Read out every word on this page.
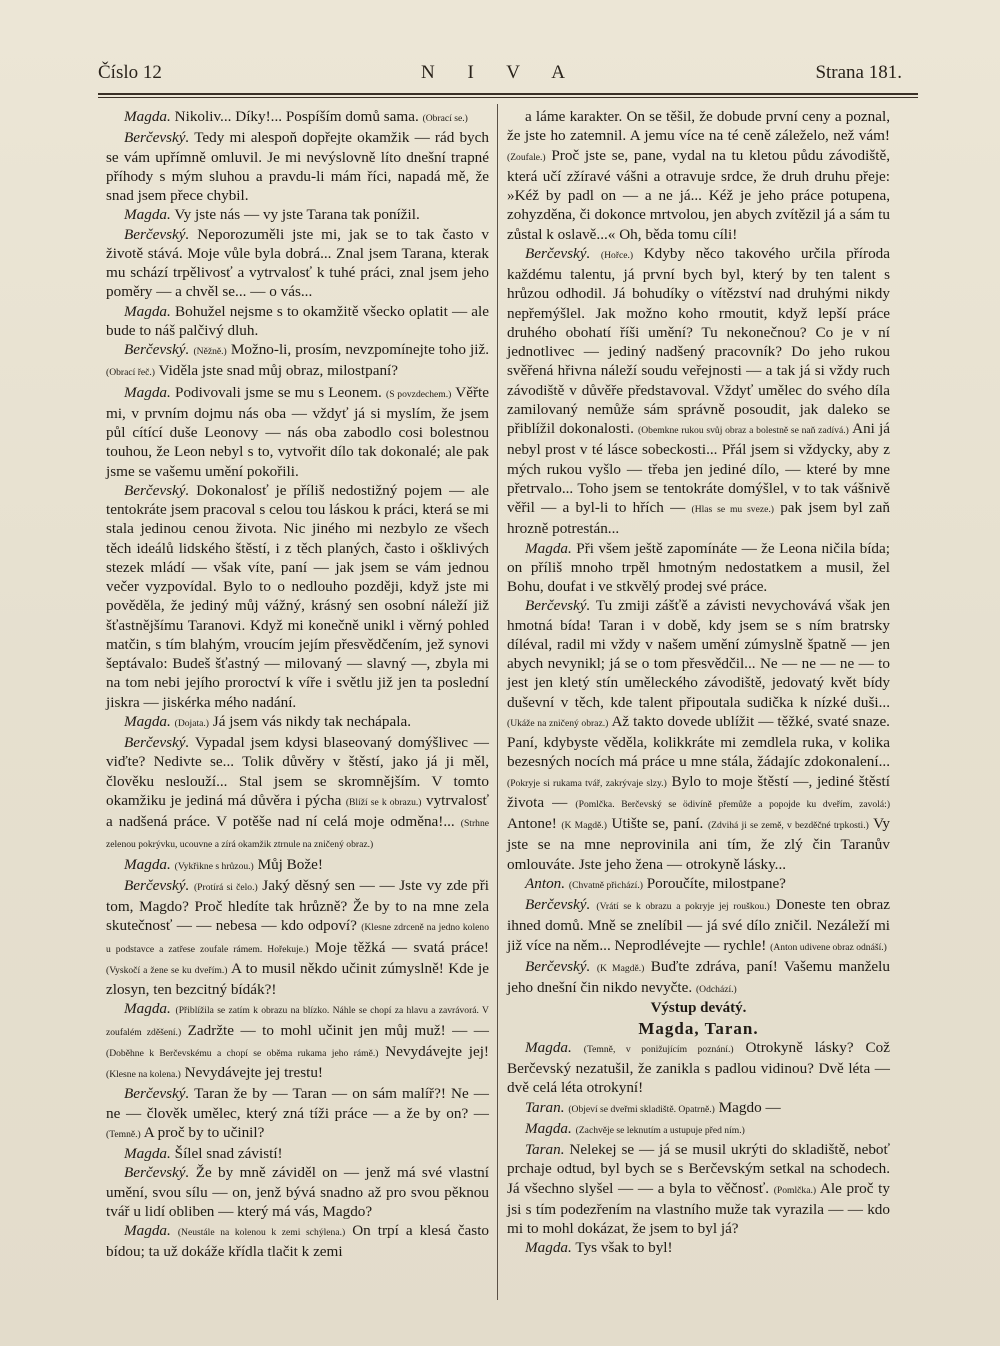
Číslo 12	N I V A	Strana 181.

Magda. Nikoliv... Díky!... Pospíším domů sama. (Obrací se.)

Berčevský. Tedy mi alespoň dopřejte okamžik — rád bych se vám upřímně omluvil. Je mi nevýslovně líto dnešní trapné příhody s mým sluhou a pravdu-li mám říci, napadá mě, že snad jsem přece chybil.

Magda. Vy jste nás — vy jste Tarana tak ponížil.

Berčevský. Neporozuměli jste mi, jak se to tak často v životě stává. Moje vůle byla dobrá... Znal jsem Tarana, kterak mu schází trpělivosť a vytrvalosť k tuhé práci, znal jsem jeho poměry — a chvěl se... — o vás...

Magda. Bohužel nejsme s to okamžitě všecko oplatit — ale bude to náš palčivý dluh.

Berčevský. (Něžně.) Možno-li, prosím, nevzpomínejte toho již. (Obrací řeč.) Viděla jste snad můj obraz, milostpaní?

Magda. Podivovali jsme se mu s Leonem. (S povzdechem.) Věřte mi, v prvním dojmu nás oba — vždyť já si myslím, že jsem půl cítící duše Leonovy — nás oba zabodlo cosi bolestnou touhou, že Leon nebyl s to, vytvořit dílo tak dokonalé; ale pak jsme se vašemu umění pokořili.

Berčevský. Dokonalosť je příliš nedostižný pojem — ale tentokráte jsem pracoval s celou tou láskou k práci, která se mi stala jedinou cenou života. Nic jiného mi nezbylo ze všech těch ideálů lidského štěstí, i z těch planých, často i ošklivých stezek mládí — však víte, paní — jak jsem se vám jednou večer vyzpovídal. Bylo to o nedlouho později, když jste mi pověděla, že jediný můj vážný, krásný sen osobní náleží již šťastnějšímu Taranovi. Když mi konečně unikl i věrný pohled matčin, s tím blahým, vroucím jejím přesvědčením, jež synovi šeptávalo: Budeš šťastný — milovaný — slavný —, zbyla mi na tom nebi jejího proroctví k víře i světlu již jen ta poslední jiskra — jiskérka mého nadání.

Magda. (Dojata.) Já jsem vás nikdy tak nechápala.

Berčevský. Vypadal jsem kdysi blaseovaný domýšlivec — viďte? Nedivte se... Tolik důvěry v štěstí, jako já ji měl, člověku neslouží... Stal jsem se skromnějším. V tomto okamžiku je jediná má důvěra i pýcha (Blíží se k obrazu.) vytrvalosť a nadšená práce. V potěše nad ní celá moje odměna!... (Strhne zelenou pokrývku, ucouvne a zírá okamžik ztrnule na zničený obraz.)

Magda. (Vykřikne s hrůzou.) Můj Bože!

Berčevský. (Protírá si čelo.) Jaký děsný sen — — Jste vy zde při tom, Magdo? Proč hledíte tak hrůzně? Že by to na mne zela skutečnosť — — nebesa — kdo odpoví? (Klesne zdrceně na jedno koleno u podstavce a zatřese zoufale rámem. Hořekuje.) Moje těžká — svatá práce! (Vyskočí a žene se ku dveřím.) A to musil někdo učinit zúmyslně! Kde je zlosyn, ten bezcitný bídák?!

Magda. (Přiblížila se zatím k obrazu na blízko. Náhle se chopí za hlavu a zavrávorá. V zoufalém zděšení.) Zadržte — to mohl učinit jen můj muž! — — (Doběhne k Berčevskému a chopí se oběma rukama jeho rámě.) Nevydávejte jej! (Klesne na kolena.) Nevydávejte jej trestu!

Berčevský. Taran že by — Taran — on sám malíř?! Ne — ne — člověk umělec, který zná tíži práce — a že by on? — (Temně.) A proč by to učinil?

Magda. Šílel snad závistí!

Berčevský. Že by mně záviděl on — jenž má své vlastní umění, svou sílu — on, jenž bývá snadno až pro svou pěknou tvář u lidí obliben — který má vás, Magdo?

Magda. (Neustále na kolenou k zemi schýlena.) On trpí a klesá často bídou; ta už dokáže křídla tlačit k zemi

a láme karakter. On se těšil, že dobude první ceny a poznal, že jste ho zatemnil. A jemu více na té ceně záleželo, než vám! (Zoufale.) Proč jste se, pane, vydal na tu kletou půdu závodiště, která učí zžíravé vášni a otravuje srdce, že druh druhu přeje: »Kéž by padl on — a ne já... Kéž je jeho práce potupena, zohyzděna, či dokonce mrtvolou, jen abych zvítězil já a sám tu zůstal k oslavě...« Oh, běda tomu cíli!

Berčevský. (Hořce.) Kdyby něco takového určila příroda každému talentu, já první bych byl, který by ten talent s hrůzou odhodil. Já bohudíky o vítězství nad druhými nikdy nepřemýšlel. Jak možno koho rmoutit, když lepší práce druhého obohatí říši umění? Tu nekonečnou? Co je v ní jednotlivec — jediný nadšený pracovník? Do jeho rukou svěřená hřivna náleží soudu veřejnosti — a tak já si vždy ruch závodiště v důvěře představoval. Vždyť umělec do svého díla zamilovaný nemůže sám správně posoudit, jak daleko se přiblížil dokonalosti. (Obemkne rukou svůj obraz a bolestně se naň zadívá.) Ani já nebyl prost v té lásce sobeckosti... Přál jsem si vždycky, aby z mých rukou vyšlo — třeba jen jediné dílo, — které by mne přetrvalo... Toho jsem se tentokráte domýšlel, v to tak vášnivě věřil — a byl-li to hřích — (Hlas se mu svezе.) pak jsem byl zaň hrozně potrestán...

Magda. Při všem ještě zapomínáte — že Leona ničila bída; on příliš mnoho trpěl hmotným nedostatkem a musil, žel Bohu, doufat i ve stkvělý prodej své práce.

Berčevský. Tu zmiji zášťě a závisti nevychovává však jen hmotná bída! Taran i v době, kdy jsem se s ním bratrsky díléval, radil mi vždy v našem umění zúmyslně špatně — jen abych nevynikl; já se o tom přesvědčil... Ne — ne — ne — to jest jen kletý stín uměleckého závodiště, jedovatý květ bídy duševní v těch, kde talent připoutala sudička k nízké duši... (Ukáže na zničený obraz.) Až takto dovede ublížit — těžké, svaté snaze. Paní, kdybyste věděla, kolikkráte mi zemdlela ruka, v kolika bezesných nocích má práce u mne stála, žádajíc zdokonalení... (Pokryje si rukama tvář, zakrývaje slzy.) Bylo to moje štěstí —, jediné štěstí života — (Pomlčka. Berčevský se ödivíně přemůže a popojde ku dveřím, zavolá:) Antone! (K Magdě.) Utište se, paní. (Zdvihá ji se země, v bezděčné trpkosti.) Vy jste se na mne neprovinila ani tím, že zlý čin Taranův omlouváte. Jste jeho žena — otrokyně lásky...

Anton. (Chvatně přichází.) Poroučíte, milostpane?

Berčevský. (Vrátí se k obrazu a pokryje jej rouškou.) Doneste ten obraz ihned domů. Mně se znelíbil — já své dílo zničil. Nezáleží mi již více na něm... Neprodlévejte — rychle! (Anton udivene obraz odnáší.)

Berčevský. (K Magdě.) Buďte zdráva, paní! Vašemu manželu jeho dnešní čin nikdo nevyčte. (Odchází.)

Výstup devátý.

Magda, Taran.

Magda. (Temně, v ponižujícím poznání.) Otrokyně lásky? Což Berčevský nezatušil, že zanikla s padlou vidinou? Dvě léta — dvě celá léta otrokyní!

Taran. (Objeví se dveřmi skladiště. Opatrně.) Magdo —

Magda. (Zachvěje se leknutím a ustupuje před ním.)

Taran. Nelekej se — já se musil ukrýti do skladiště, neboť prchaje odtud, byl bych se s Berčevským setkal na schodech. Já všechno slyšel — — a byla to věčnosť. (Pomlčka.) Ale proč ty jsi s tím podezřením na vlastního muže tak vyrazila — — kdo mi to mohl dokázat, že jsem to byl já?

Magda. Tys však to byl!
